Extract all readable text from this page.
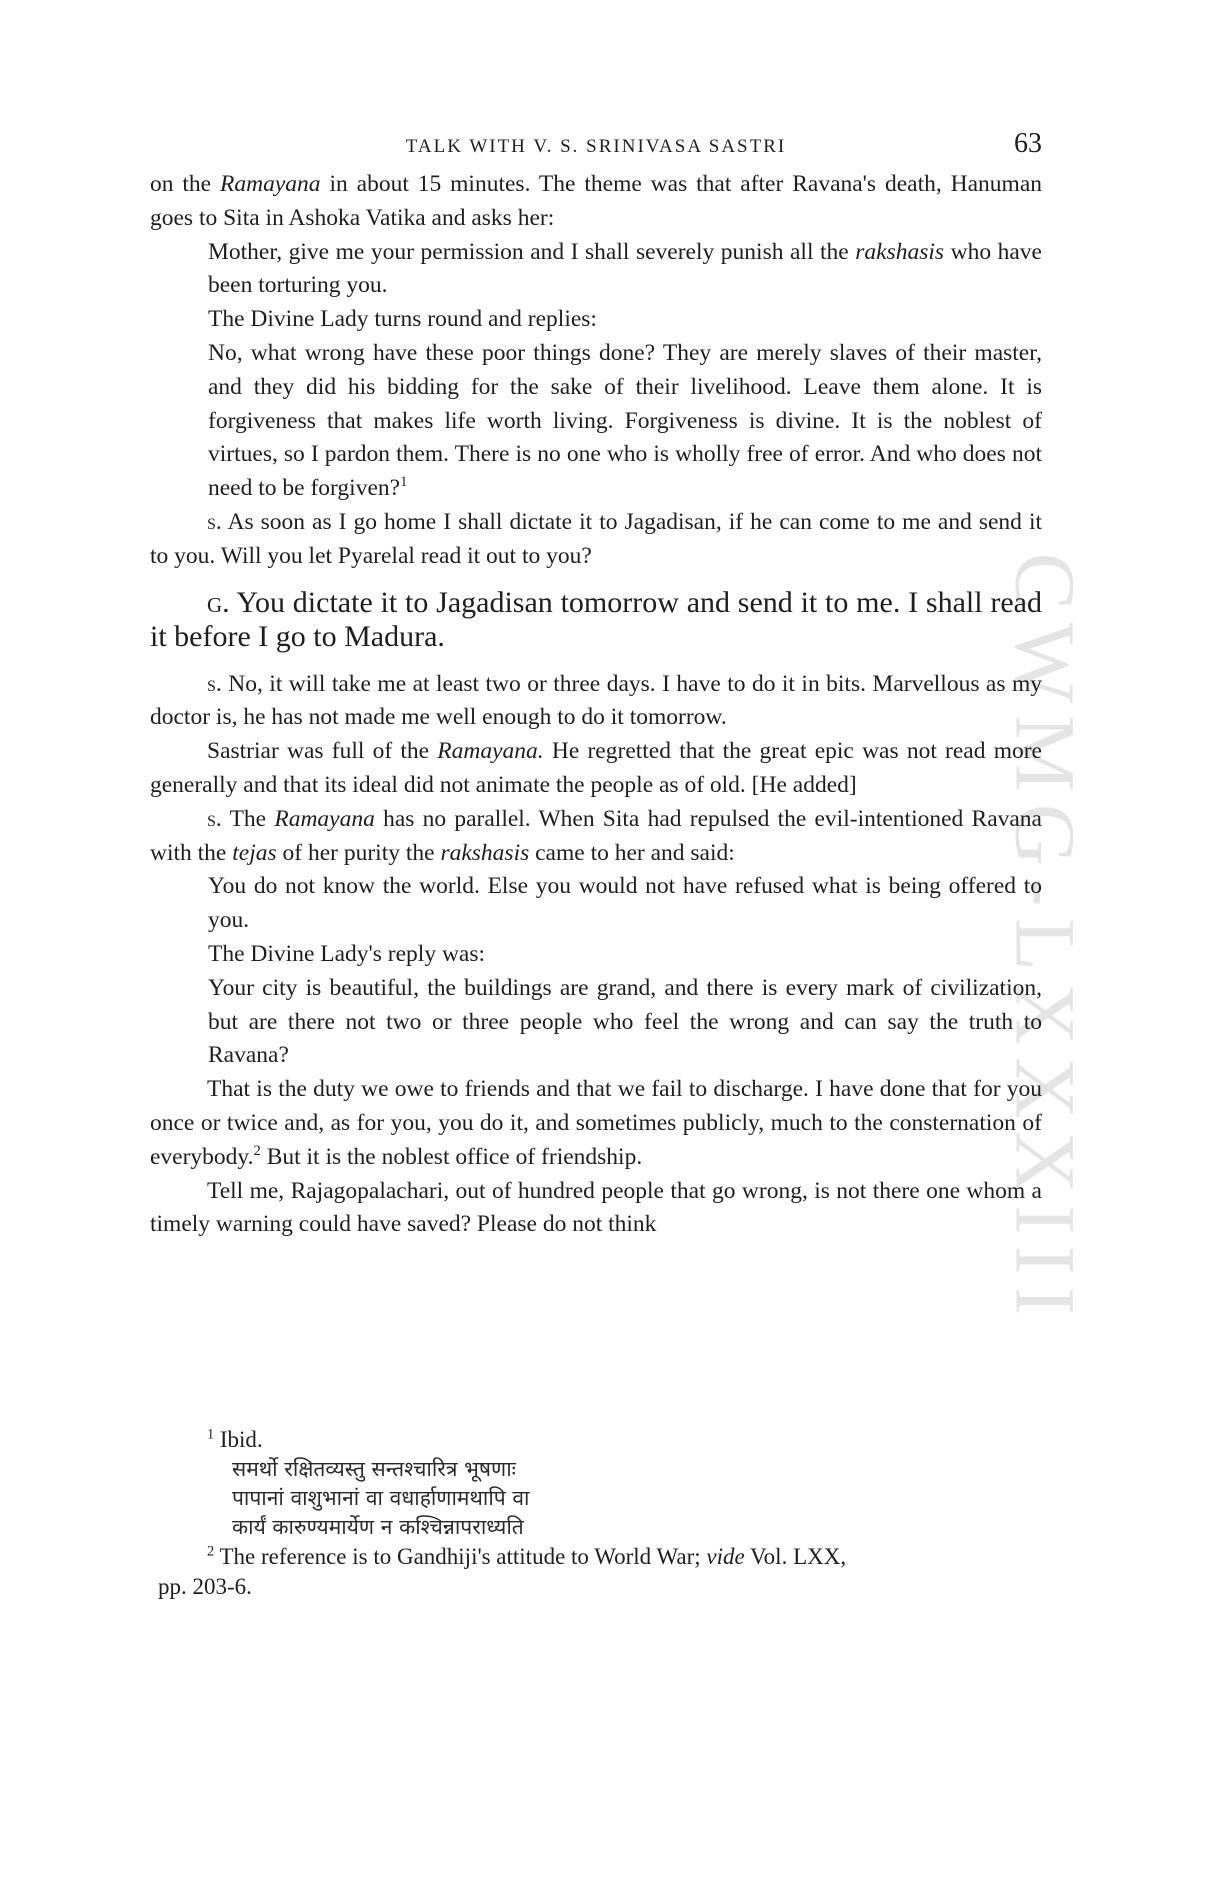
CWMG-LXXXIII
TALK WITH V. S. SRINIVASA SASTRI	63

on the Ramayana in about 15 minutes. The theme was that after Ravana's death, Hanuman goes to Sita in Ashoka Vatika and asks her:

Mother, give me your permission and I shall severely punish all the rakshasis who have been torturing you.

The Divine Lady turns round and replies:

No, what wrong have these poor things done? They are merely slaves of their master, and they did his bidding for the sake of their livelihood. Leave them alone. It is forgiveness that makes life worth living. Forgiveness is divine. It is the noblest of virtues, so I pardon them. There is no one who is wholly free of error. And who does not need to be forgiven?$^1$

s. As soon as I go home I shall dictate it to Jagadisan, if he can come to me and send it to you. Will you let Pyarelal read it out to you?

g. You dictate it to Jagadisan tomorrow and send it to me. I shall read it before I go to Madura.

s. No, it will take me at least two or three days. I have to do it in bits. Marvellous as my doctor is, he has not made me well enough to do it tomorrow.

Sastriar was full of the Ramayana. He regretted that the great epic was not read more generally and that its ideal did not animate the people as of old. [He added]

s. The Ramayana has no parallel. When Sita had repulsed the evil-intentioned Ravana with the tejas of her purity the rakshasis came to her and said:

You do not know the world. Else you would not have refused what is being offered to you.

The Divine Lady's reply was:

Your city is beautiful, the buildings are grand, and there is every mark of civilization, but are there not two or three people who feel the wrong and can say the truth to Ravana?

That is the duty we owe to friends and that we fail to discharge. I have done that for you once or twice and, as for you, you do it, and sometimes publicly, much to the consternation of everybody.$^2$ But it is the noblest office of friendship.

Tell me, Rajagopalachari, out of hundred people that go wrong, is not there one whom a timely warning could have saved? Please do not think

$^1$ Ibid.
समर्थो रक्षितव्यस्तु सन्तश्चारित्र भूषणाः
पापानां वाशुभानां वा वधार्हाणामथापि वा
कार्यं कारुण्यमार्येण न कश्चिन्नापराध्यति
$^2$ The reference is to Gandhiji's attitude to World War; vide Vol. LXX,
pp. 203-6.
